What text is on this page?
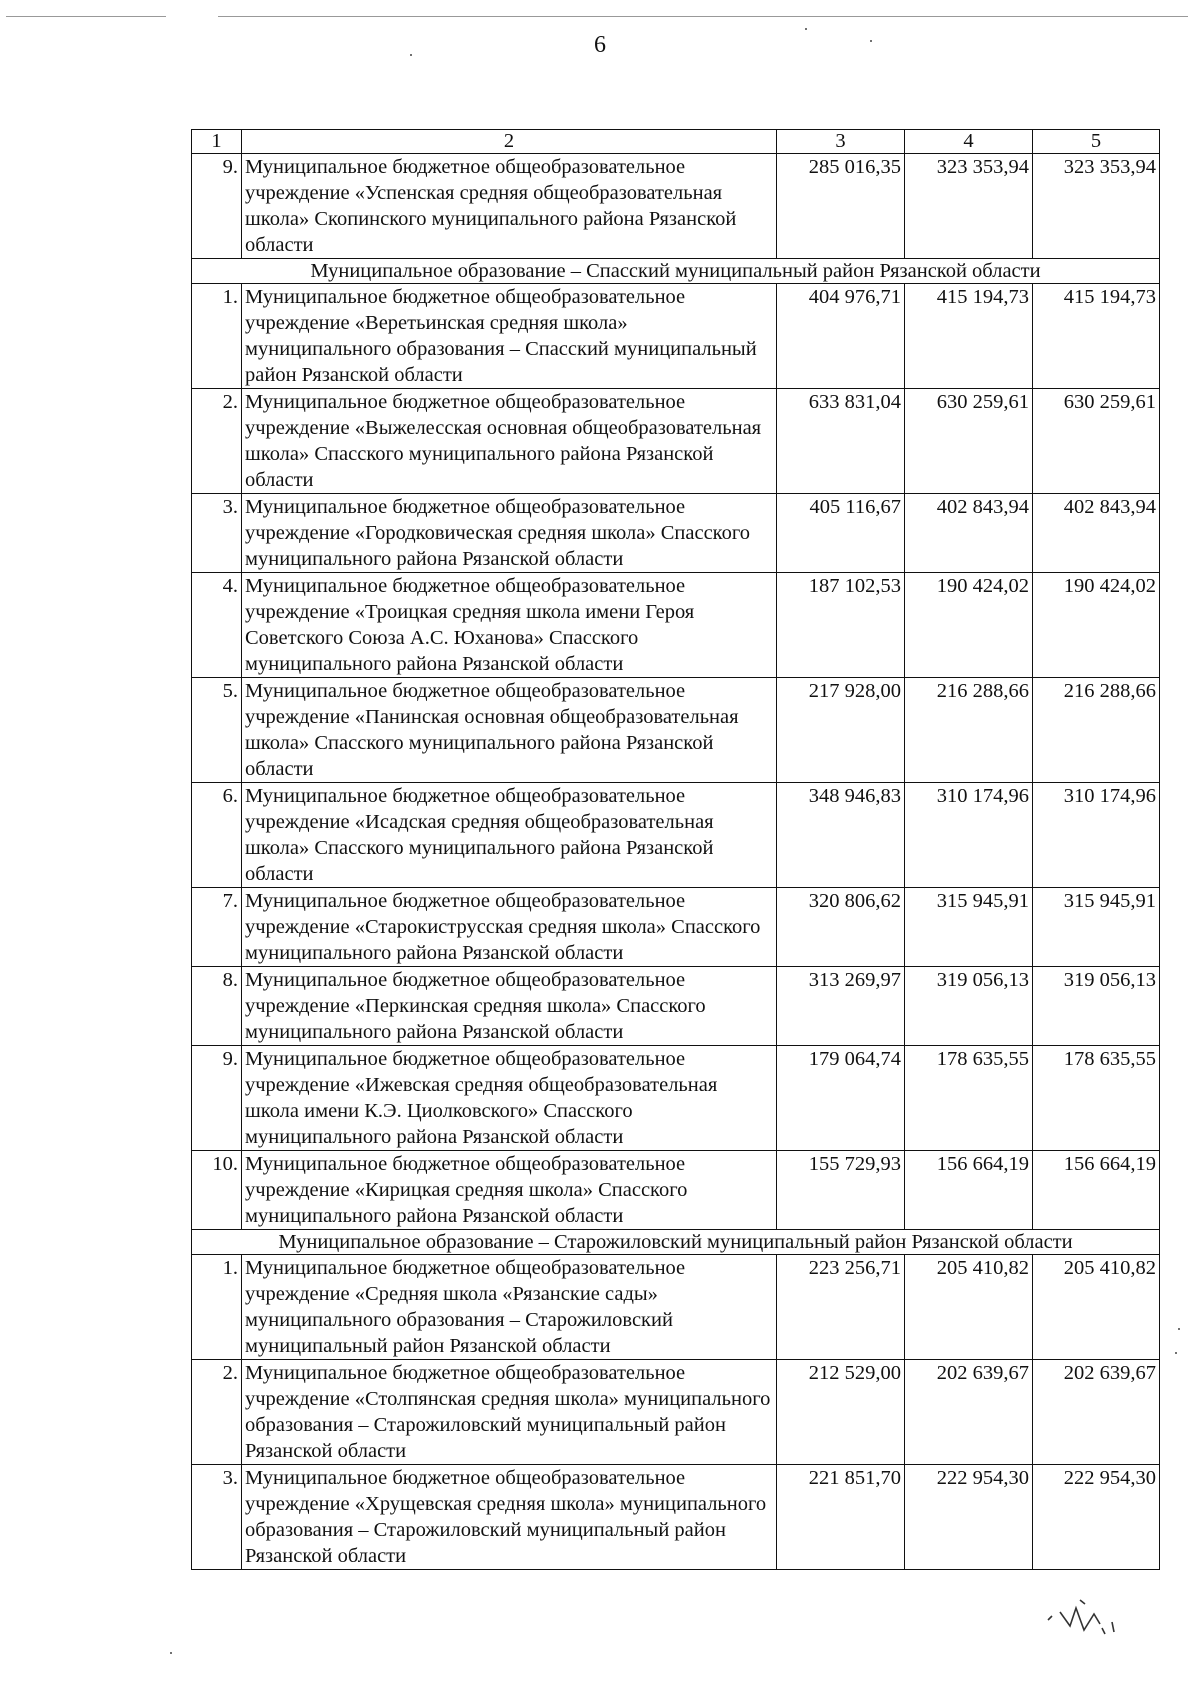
6
1	2	3	4	5
9.	Муниципальное бюджетное общеобразовательное учреждение «Успенская средняя общеобразовательная школа» Скопинского муниципального района Рязанской области	285 016,35	323 353,94	323 353,94
Муниципальное образование – Спасский муниципальный район Рязанской области				
1.	Муниципальное бюджетное общеобразовательное учреждение «Веретьинская средняя школа» муниципального образования – Спасский муниципальный район Рязанской области	404 976,71	415 194,73	415 194,73
2.	Муниципальное бюджетное общеобразовательное учреждение «Выжелесская основная общеобразовательная школа» Спасского муниципального района Рязанской области	633 831,04	630 259,61	630 259,61
3.	Муниципальное бюджетное общеобразовательное учреждение «Городковическая средняя школа» Спасского муниципального района Рязанской области	405 116,67	402 843,94	402 843,94
4.	Муниципальное бюджетное общеобразовательное учреждение «Троицкая средняя школа имени Героя Советского Союза А.С. Юханова» Спасского муниципального района Рязанской области	187 102,53	190 424,02	190 424,02
5.	Муниципальное бюджетное общеобразовательное учреждение «Панинская основная общеобразовательная школа» Спасского муниципального района Рязанской области	217 928,00	216 288,66	216 288,66
6.	Муниципальное бюджетное общеобразовательное учреждение «Исадская средняя общеобразовательная школа» Спасского муниципального района Рязанской области	348 946,83	310 174,96	310 174,96
7.	Муниципальное бюджетное общеобразовательное учреждение «Старокиструсская средняя школа» Спасского муниципального района Рязанской области	320 806,62	315 945,91	315 945,91
8.	Муниципальное бюджетное общеобразовательное учреждение «Перкинская средняя школа» Спасского муниципального района Рязанской области	313 269,97	319 056,13	319 056,13
9.	Муниципальное бюджетное общеобразовательное учреждение «Ижевская средняя общеобразовательная школа имени К.Э. Циолковского» Спасского муниципального района Рязанской области	179 064,74	178 635,55	178 635,55
10.	Муниципальное бюджетное общеобразовательное учреждение «Кирицкая средняя школа» Спасского муниципального района Рязанской области	155 729,93	156 664,19	156 664,19
Муниципальное образование – Старожиловский муниципальный район Рязанской области				
1.	Муниципальное бюджетное общеобразовательное учреждение «Средняя школа «Рязанские сады» муниципального образования – Старожиловский муниципальный район Рязанской области	223 256,71	205 410,82	205 410,82
2.	Муниципальное бюджетное общеобразовательное учреждение «Столпянская средняя школа» муниципального образования – Старожиловский муниципальный район Рязанской области	212 529,00	202 639,67	202 639,67
3.	Муниципальное бюджетное общеобразовательное учреждение «Хрущевская средняя школа» муниципального образования – Старожиловский муниципальный район Рязанской области	221 851,70	222 954,30	222 954,30
